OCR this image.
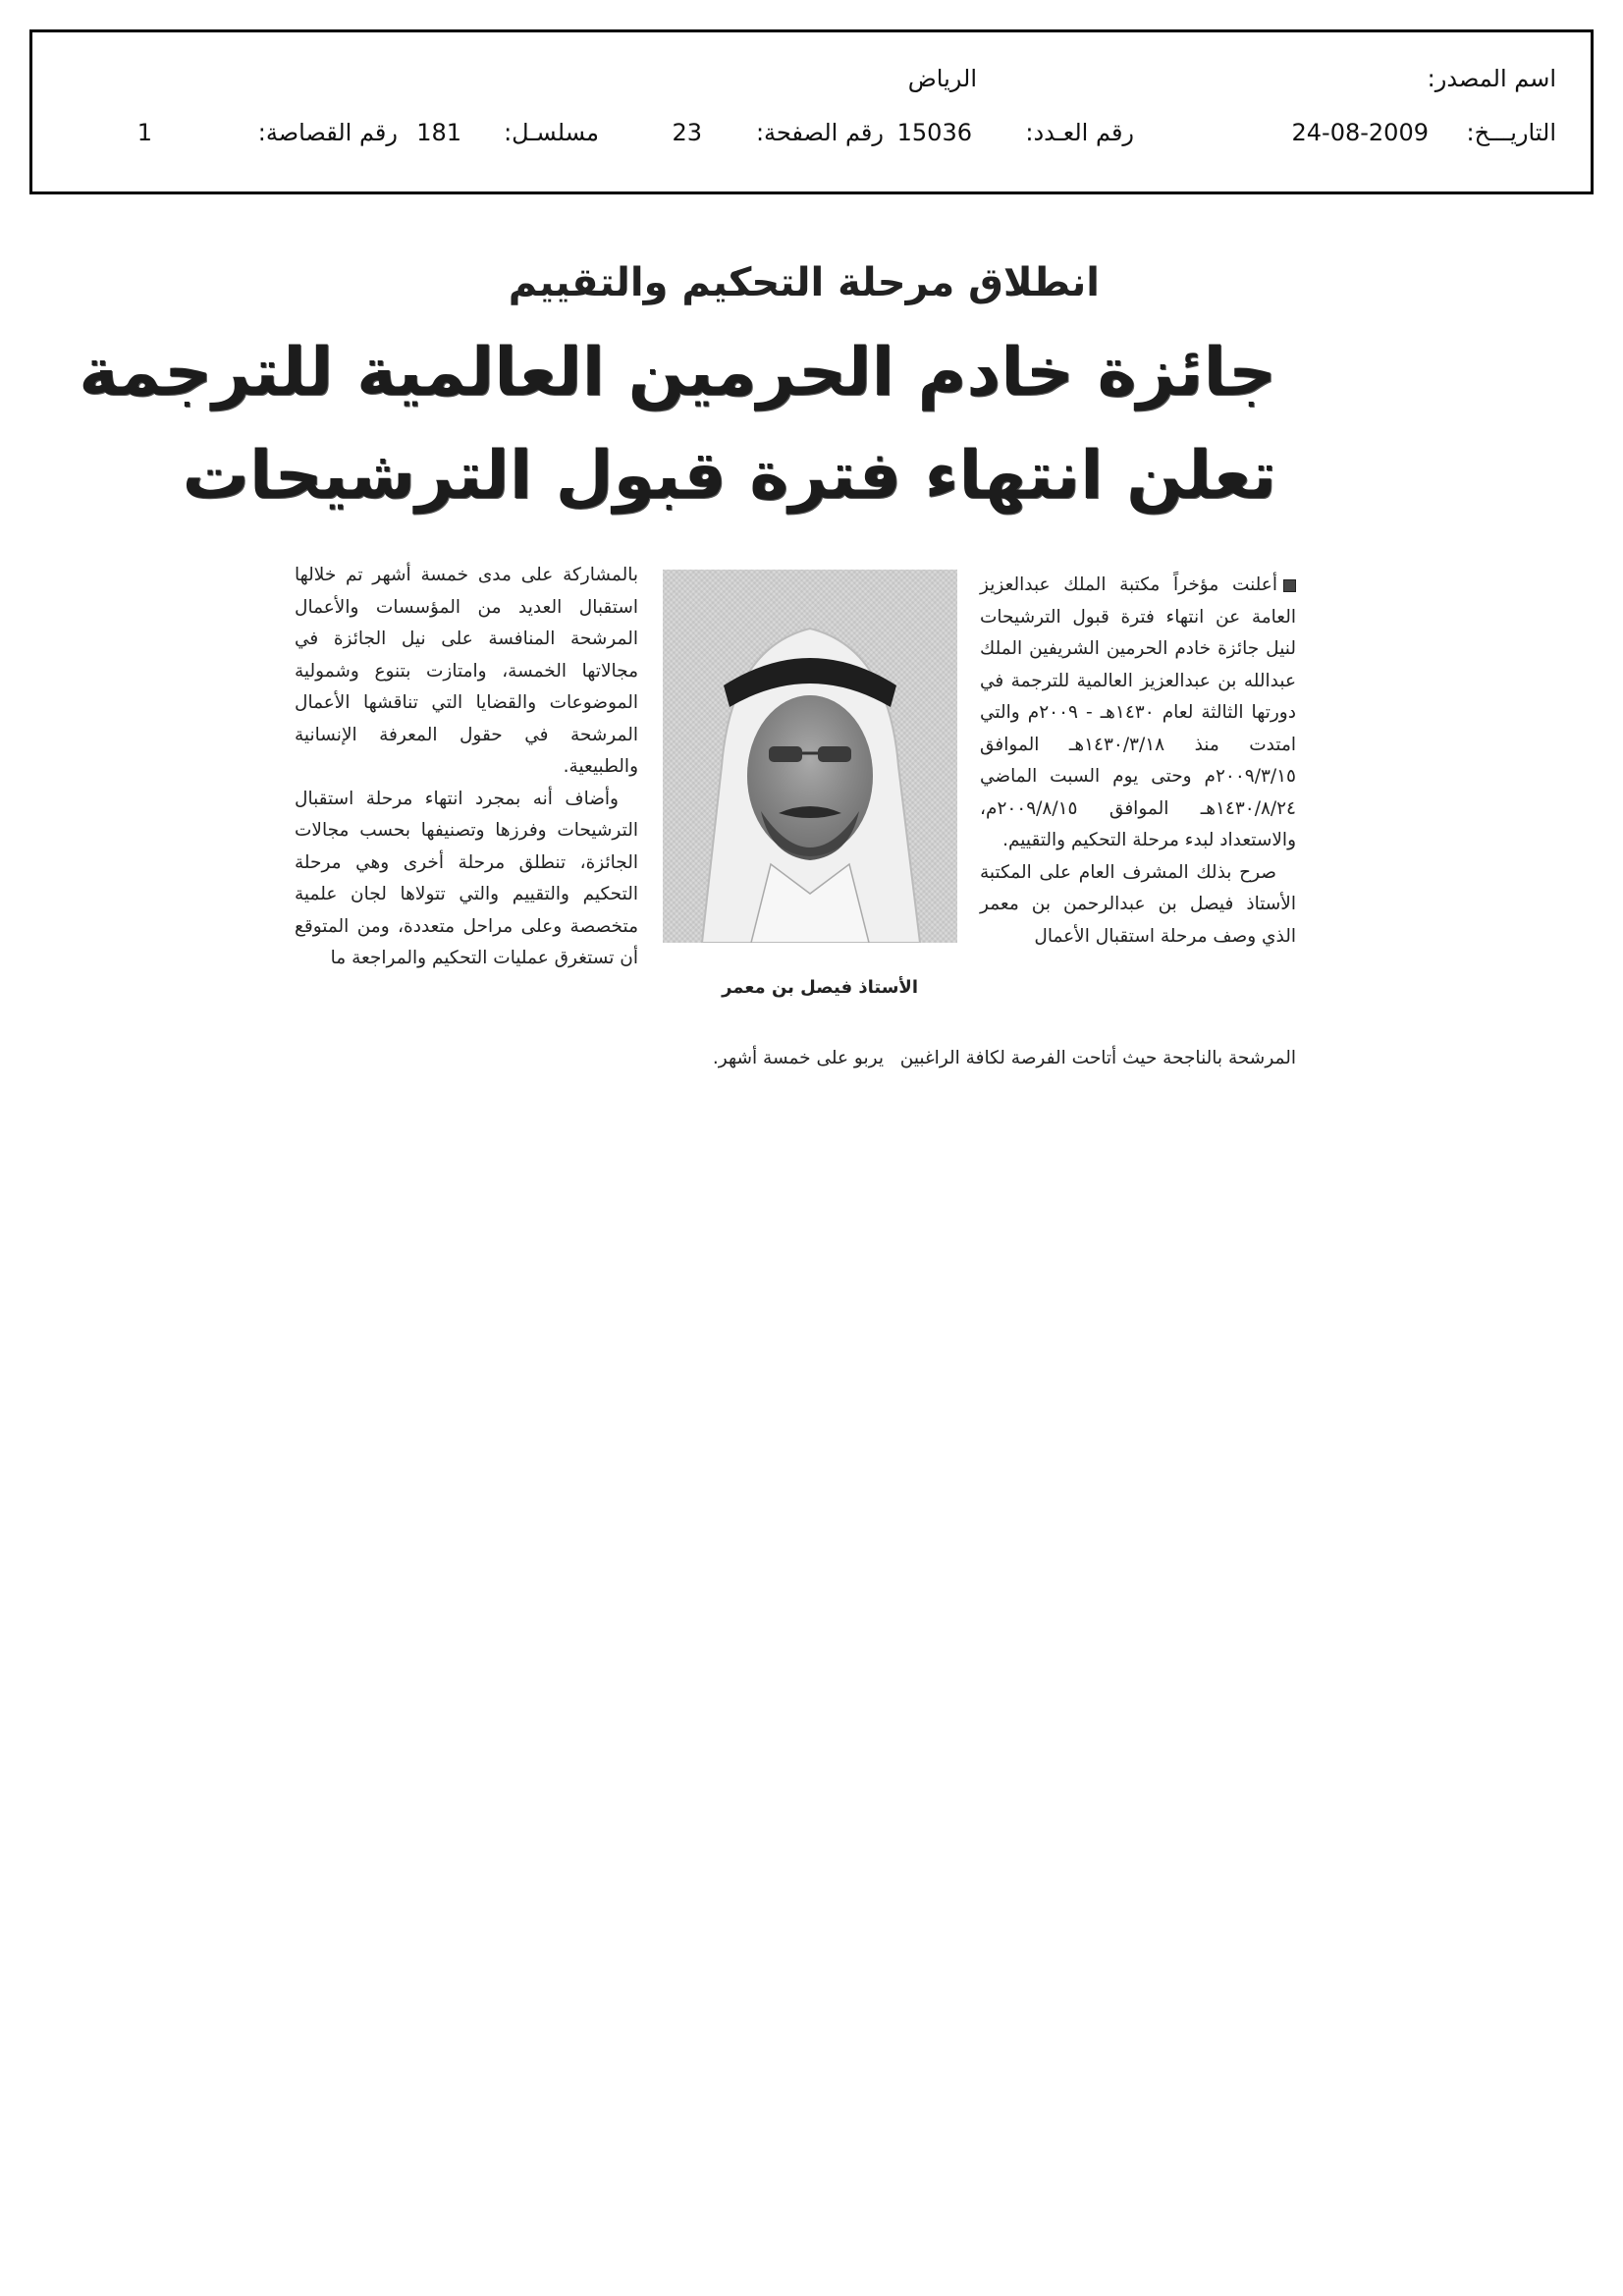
اسم المصدر:
الرياض
التاريـــخ:
24-08-2009
رقم العـدد:
15036
رقم الصفحة:
23
مسلسـل:
181
رقم القصاصة:
1
انطلاق مرحلة التحكيم والتقييم
جائزة خادم الحرمين العالمية للترجمة
تعلن انتهاء فترة قبول الترشيحات

أعلنت مؤخراً مكتبة الملك عبدالعزيز العامة عن انتهاء فترة قبول الترشيحات لنيل جائزة خادم الحرمين الشريفين الملك عبدالله بن عبدالعزيز العالمية للترجمة في دورتها الثالثة لعام ١٤٣٠هـ - ٢٠٠٩م والتي امتدت منذ ١٤٣٠/٣/١٨هـ الموافق ٢٠٠٩/٣/١٥م وحتى يوم السبت الماضي ١٤٣٠/٨/٢٤هـ الموافق ٢٠٠٩/٨/١٥م، والاستعداد لبدء مرحلة التحكيم والتقييم.

صرح بذلك المشرف العام على المكتبة الأستاذ فيصل بن عبدالرحمن بن معمر الذي وصف مرحلة استقبال الأعمال

الأستاذ فيصل بن معمر

بالمشاركة على مدى خمسة أشهر تم خلالها استقبال العديد من المؤسسات والأعمال المرشحة المنافسة على نيل الجائزة في مجالاتها الخمسة، وامتازت بتنوع وشمولية الموضوعات والقضايا التي تناقشها الأعمال المرشحة في حقول المعرفة الإنسانية والطبيعية.

وأضاف أنه بمجرد انتهاء مرحلة استقبال الترشيحات وفرزها وتصنيفها بحسب مجالات الجائزة، تنطلق مرحلة أخرى وهي مرحلة التحكيم والتقييم والتي تتولاها لجان علمية متخصصة وعلى مراحل متعددة، ومن المتوقع أن تستغرق عمليات التحكيم والمراجعة ما

المرشحة بالناجحة حيث أتاحت الفرصة لكافة الراغبين
يربو على خمسة أشهر.
